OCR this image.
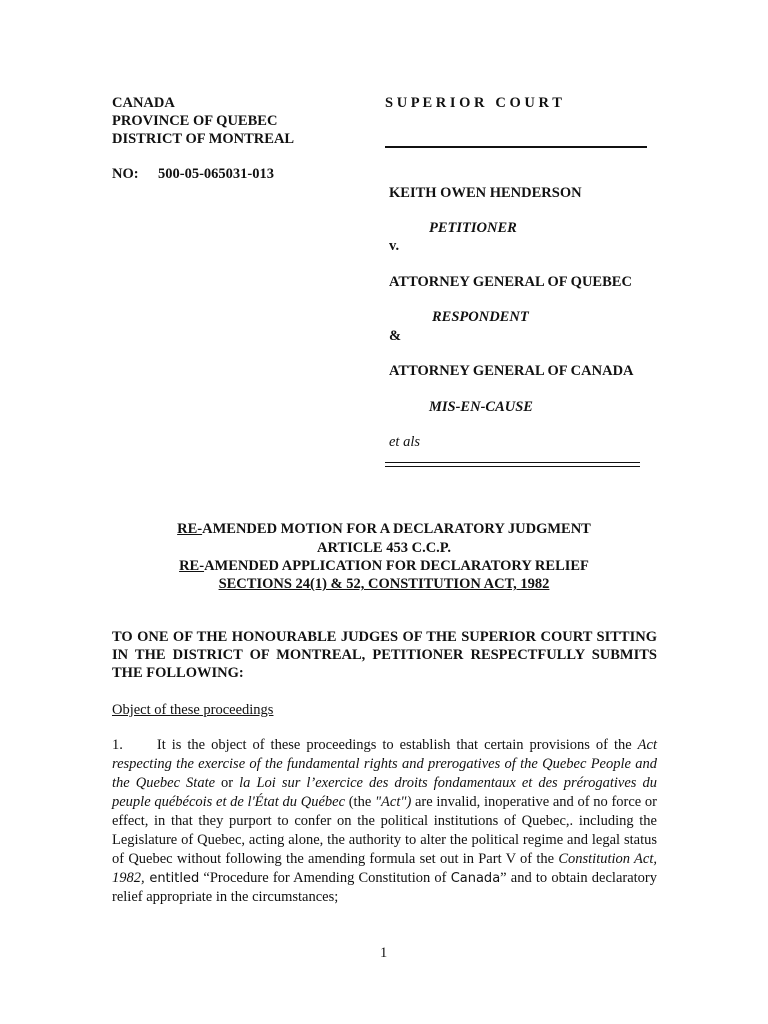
CANADA
PROVINCE OF QUEBEC
DISTRICT OF MONTREAL
NO: 500-05-065031-013
S U P E R I O R   C O U R T
KEITH OWEN HENDERSON
PETITIONER
v.
ATTORNEY GENERAL OF QUEBEC
RESPONDENT
&
ATTORNEY GENERAL OF CANADA
MIS-EN-CAUSE
et als
RE-AMENDED MOTION FOR A DECLARATORY JUDGMENT
ARTICLE 453 C.C.P.
RE-AMENDED APPLICATION FOR DECLARATORY RELIEF
SECTIONS 24(1) & 52, CONSTITUTION ACT, 1982
TO ONE OF THE HONOURABLE JUDGES OF THE SUPERIOR COURT SITTING IN THE DISTRICT OF MONTREAL, PETITIONER RESPECTFULLY SUBMITS THE FOLLOWING:
Object of these proceedings
1. It is the object of these proceedings to establish that certain provisions of the Act respecting the exercise of the fundamental rights and prerogatives of the Quebec People and the Quebec State or la Loi sur l’exercice des droits fondamentaux et des prérogatives du peuple québécois et de l'État du Québec (the "Act") are invalid, inoperative and of no force or effect, in that they purport to confer on the political institutions of Quebec,. including the Legislature of Quebec, acting alone, the authority to alter the political regime and legal status of Quebec without following the amending formula set out in Part V of the Constitution Act, 1982, entitled “Procedure for Amending Constitution of Canada” and to obtain declaratory relief appropriate in the circumstances;
1
